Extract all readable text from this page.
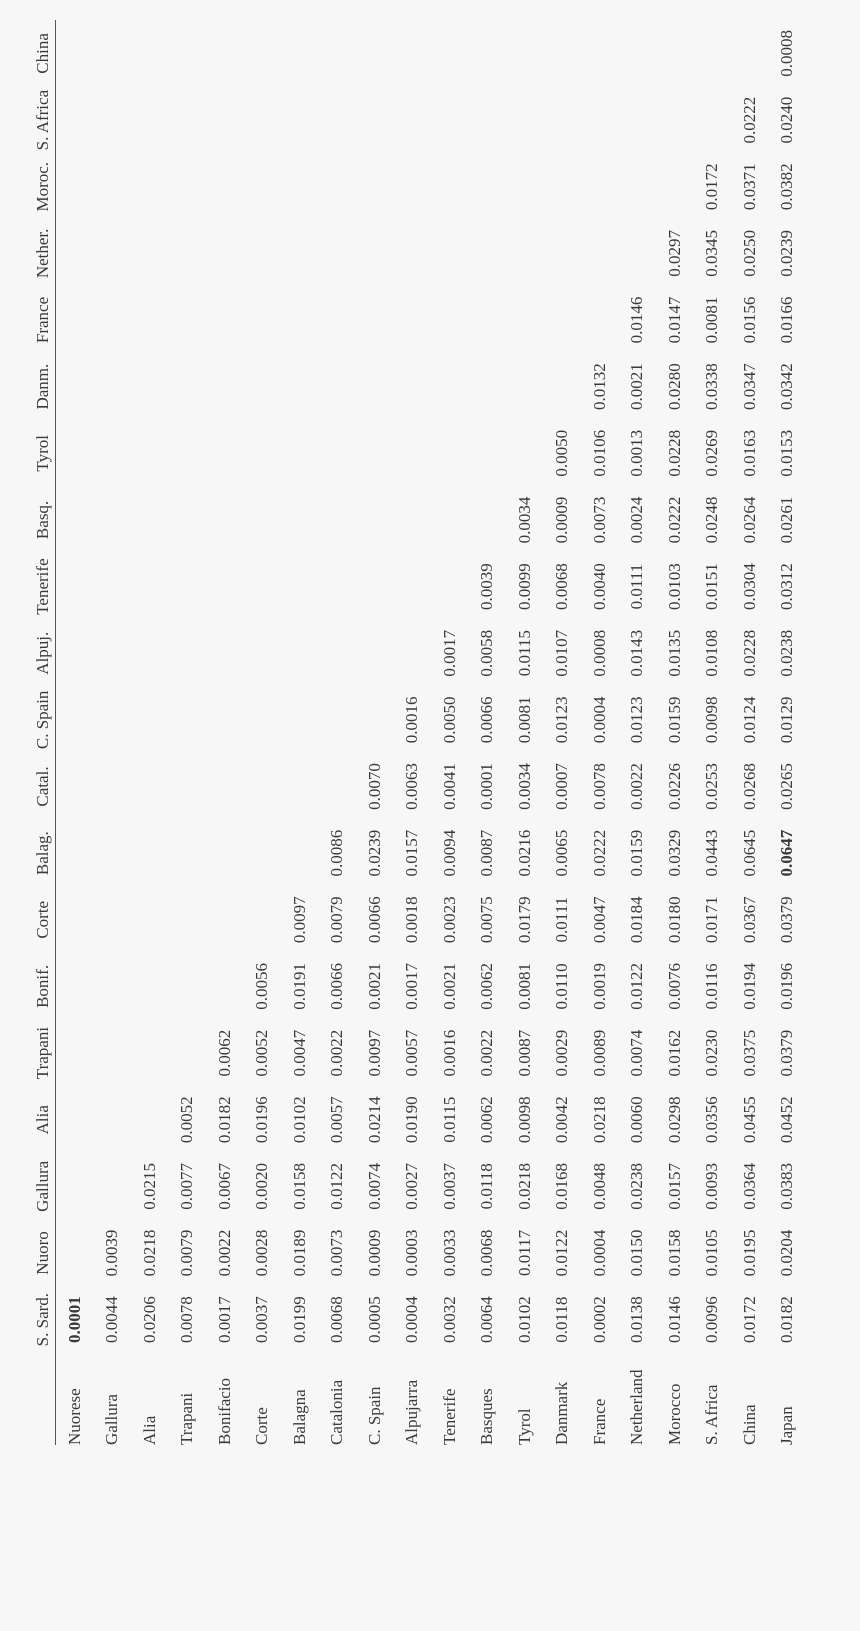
	S. Sard.	Nuoro	Gallura	Alia	Trapani	Bonif.	Corte	Balag.	Catal.	C. Spain	Alpuj.	Tenerife	Basq.	Tyrol	Danm.	France	Nether.	Moroc.	S. Africa	China
Nuorese	0.0001																			
Gallura	0.0044	0.0039																		
Alia	0.0206	0.0218	0.0215																	
Trapani	0.0078	0.0079	0.0077	0.0052																
Bonifacio	0.0017	0.0022	0.0067	0.0182	0.0062															
Corte	0.0037	0.0028	0.0020	0.0196	0.0052	0.0056														
Balagna	0.0199	0.0189	0.0158	0.0102	0.0047	0.0191	0.0097													
Catalonia	0.0068	0.0073	0.0122	0.0057	0.0022	0.0066	0.0079	0.0086												
C. Spain	0.0005	0.0009	0.0074	0.0214	0.0097	0.0021	0.0066	0.0239	0.0070											
Alpujarra	0.0004	0.0003	0.0027	0.0190	0.0057	0.0017	0.0018	0.0157	0.0063	0.0016										
Tenerife	0.0032	0.0033	0.0037	0.0115	0.0016	0.0021	0.0023	0.0094	0.0041	0.0050	0.0017									
Basques	0.0064	0.0068	0.0118	0.0062	0.0022	0.0062	0.0075	0.0087	0.0001	0.0066	0.0058	0.0039								
Tyrol	0.0102	0.0117	0.0218	0.0098	0.0087	0.0081	0.0179	0.0216	0.0034	0.0081	0.0115	0.0099	0.0034							
Danmark	0.0118	0.0122	0.0168	0.0042	0.0029	0.0110	0.0111	0.0065	0.0007	0.0123	0.0107	0.0068	0.0009	0.0050						
France	0.0002	0.0004	0.0048	0.0218	0.0089	0.0019	0.0047	0.0222	0.0078	0.0004	0.0008	0.0040	0.0073	0.0106	0.0132					
Netherland	0.0138	0.0150	0.0238	0.0060	0.0074	0.0122	0.0184	0.0159	0.0022	0.0123	0.0143	0.0111	0.0024	0.0013	0.0021	0.0146				
Morocco	0.0146	0.0158	0.0157	0.0298	0.0162	0.0076	0.0180	0.0329	0.0226	0.0159	0.0135	0.0103	0.0222	0.0228	0.0280	0.0147	0.0297			
S. Africa	0.0096	0.0105	0.0093	0.0356	0.0230	0.0116	0.0171	0.0443	0.0253	0.0098	0.0108	0.0151	0.0248	0.0269	0.0338	0.0081	0.0345	0.0172		
China	0.0172	0.0195	0.0364	0.0455	0.0375	0.0194	0.0367	0.0645	0.0268	0.0124	0.0228	0.0304	0.0264	0.0163	0.0347	0.0156	0.0250	0.0371	0.0222	
Japan	0.0182	0.0204	0.0383	0.0452	0.0379	0.0196	0.0379	0.0647	0.0265	0.0129	0.0238	0.0312	0.0261	0.0153	0.0342	0.0166	0.0239	0.0382	0.0240	0.0008
